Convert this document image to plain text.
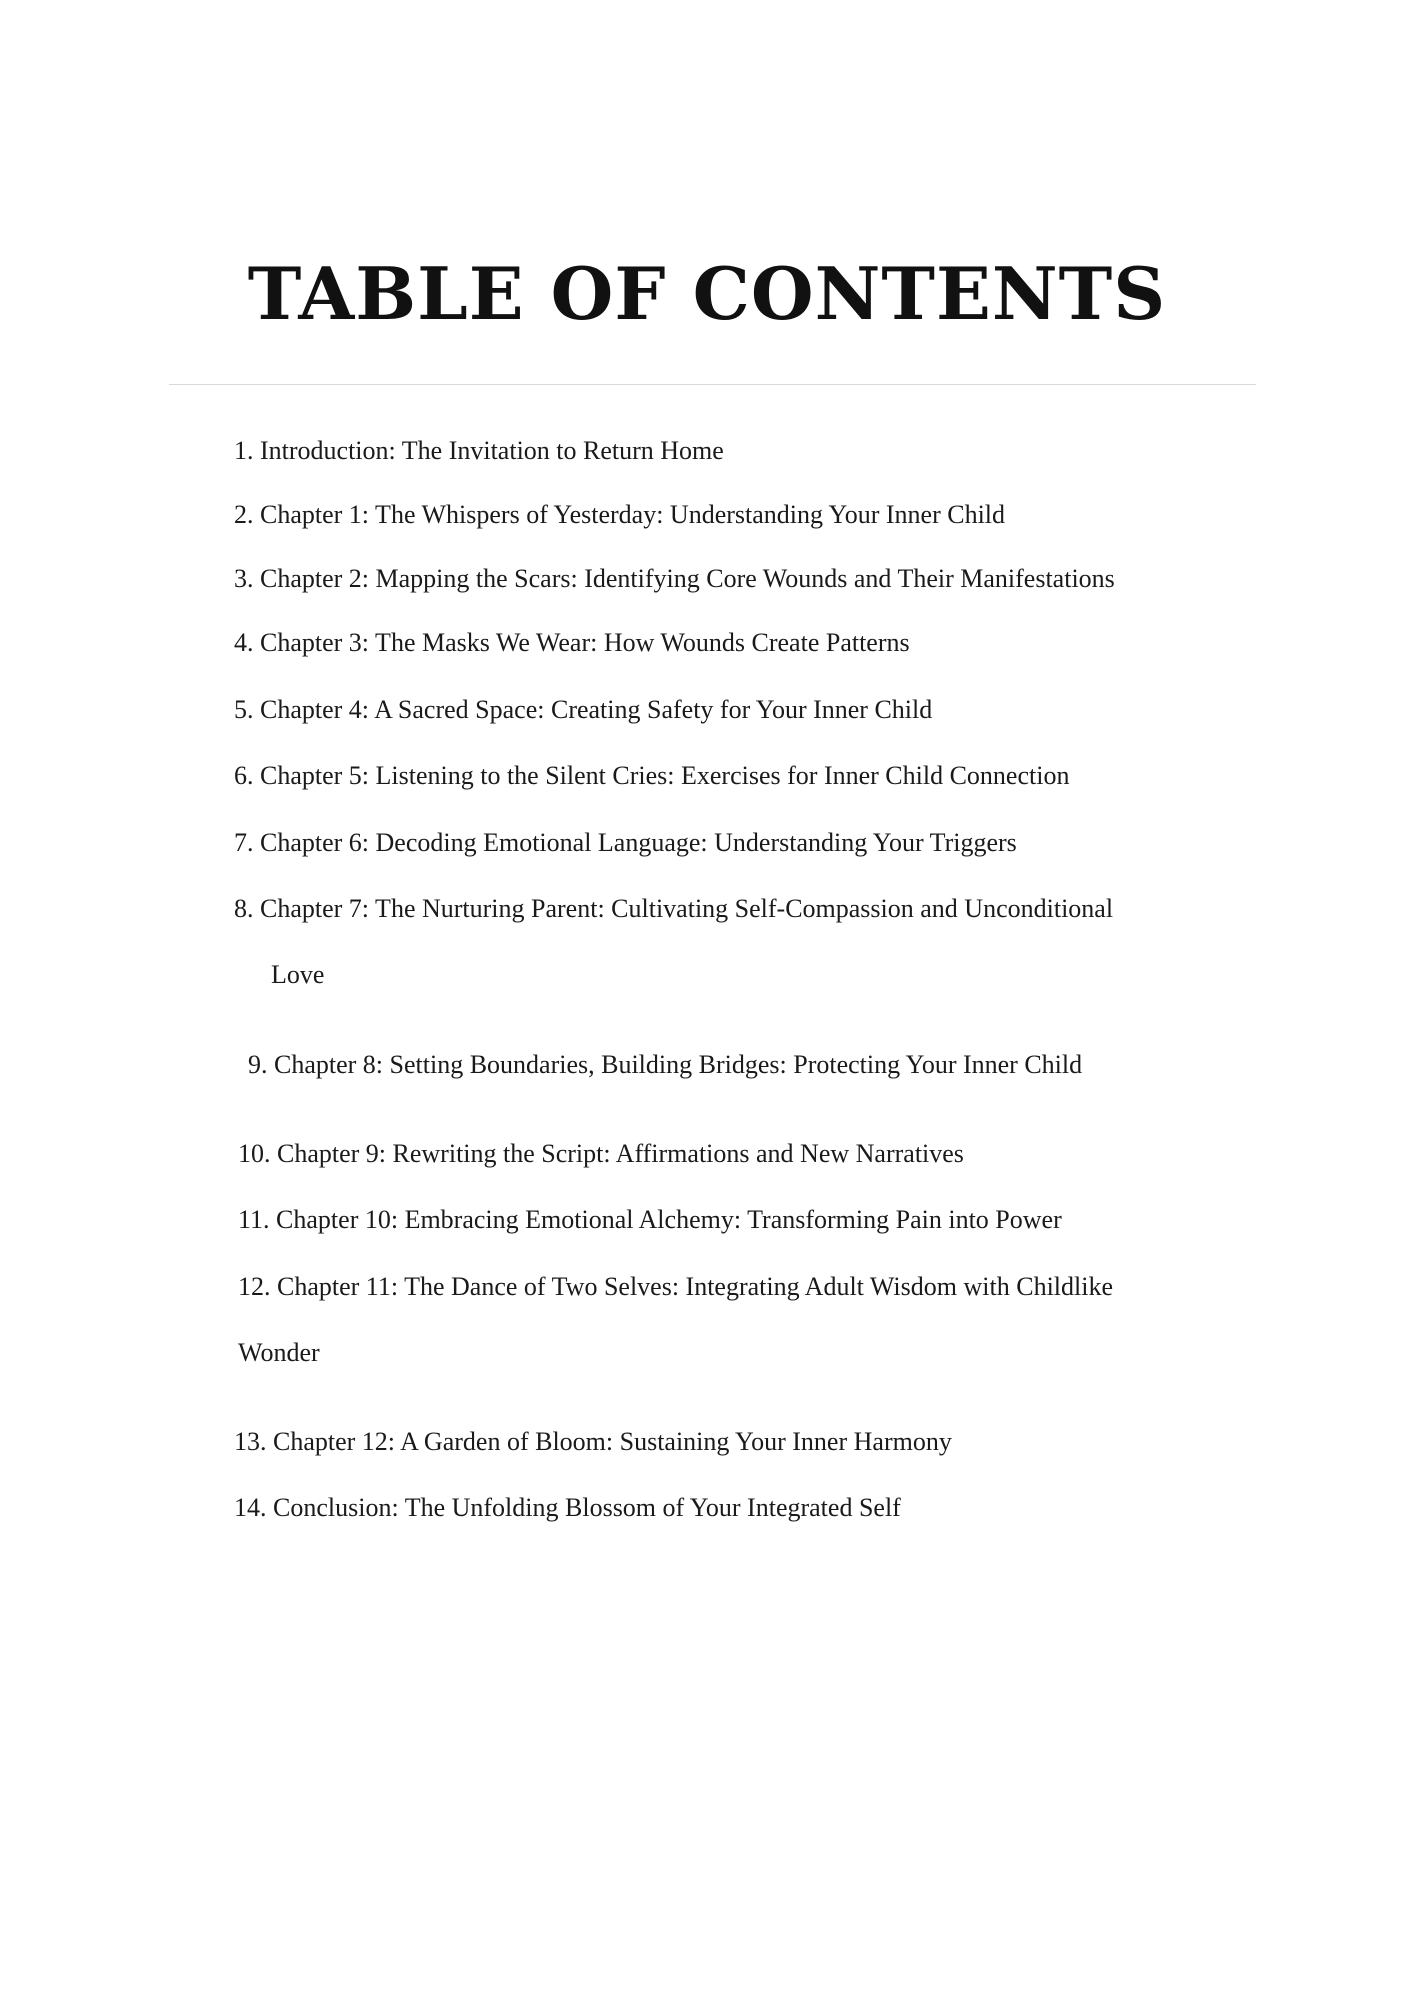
TABLE OF CONTENTS
1. Introduction: The Invitation to Return Home
2. Chapter 1: The Whispers of Yesterday: Understanding Your Inner Child
3. Chapter 2: Mapping the Scars: Identifying Core Wounds and Their Manifestations
4. Chapter 3: The Masks We Wear: How Wounds Create Patterns
5. Chapter 4: A Sacred Space: Creating Safety for Your Inner Child
6. Chapter 5: Listening to the Silent Cries: Exercises for Inner Child Connection
7. Chapter 6: Decoding Emotional Language: Understanding Your Triggers
8. Chapter 7: The Nurturing Parent: Cultivating Self-Compassion and Unconditional
Love
9. Chapter 8: Setting Boundaries, Building Bridges: Protecting Your Inner Child
10. Chapter 9: Rewriting the Script: Affirmations and New Narratives
11. Chapter 10: Embracing Emotional Alchemy: Transforming Pain into Power
12. Chapter 11: The Dance of Two Selves: Integrating Adult Wisdom with Childlike
Wonder
13. Chapter 12: A Garden of Bloom: Sustaining Your Inner Harmony
14. Conclusion: The Unfolding Blossom of Your Integrated Self
